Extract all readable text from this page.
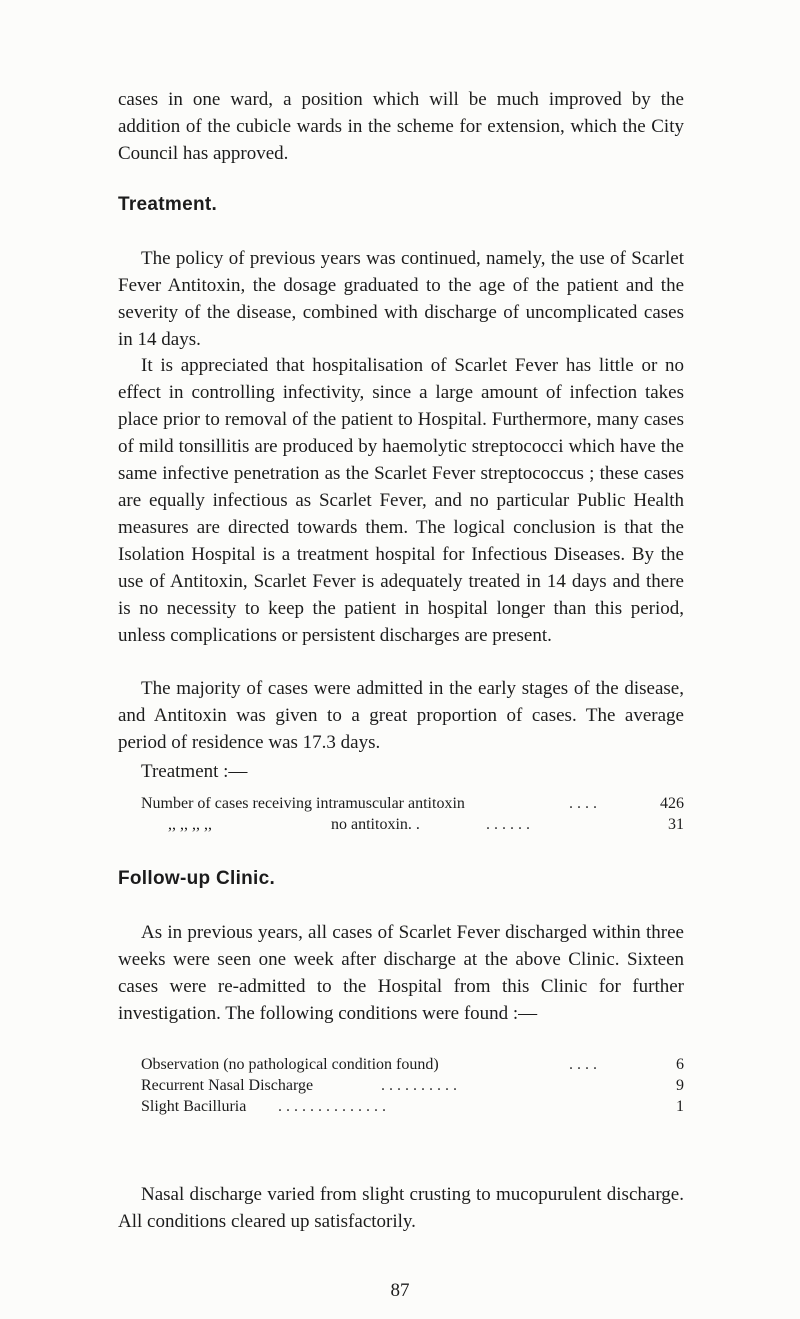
cases in one ward, a position which will be much improved by the addition of the cubicle wards in the scheme for extension, which the City Council has approved.

Treatment.

The policy of previous years was continued, namely, the use of Scarlet Fever Antitoxin, the dosage graduated to the age of the patient and the severity of the disease, combined with discharge of uncomplicated cases in 14 days.

It is appreciated that hospitalisation of Scarlet Fever has little or no effect in controlling infectivity, since a large amount of infection takes place prior to removal of the patient to Hospital. Furthermore, many cases of mild tonsillitis are produced by haemolytic streptococci which have the same infective penetration as the Scarlet Fever streptococcus ; these cases are equally infectious as Scarlet Fever, and no particular Public Health measures are directed towards them. The logical conclusion is that the Isolation Hospital is a treatment hospital for Infectious Diseases. By the use of Antitoxin, Scarlet Fever is adequately treated in 14 days and there is no necessity to keep the patient in hospital longer than this period, unless complications or persistent discharges are present.

The majority of cases were admitted in the early stages of the disease, and Antitoxin was given to a great proportion of cases. The average period of residence was 17.3 days.

Treatment :—

Number of cases receiving intramuscular antitoxin	. . . .	426
,, ,, ,, ,,	no antitoxin. .	. . . . . .	31
Follow-up Clinic.

As in previous years, all cases of Scarlet Fever discharged within three weeks were seen one week after discharge at the above Clinic. Sixteen cases were re-admitted to the Hospital from this Clinic for further investigation. The following conditions were found :—

Observation (no pathological condition found)	. . . .	6
Recurrent Nasal Discharge	. . . . . . . . . .	9
Slight Bacilluria . . . . . . . . . . . . . .	1

Nasal discharge varied from slight crusting to mucopurulent discharge. All conditions cleared up satisfactorily.

87
